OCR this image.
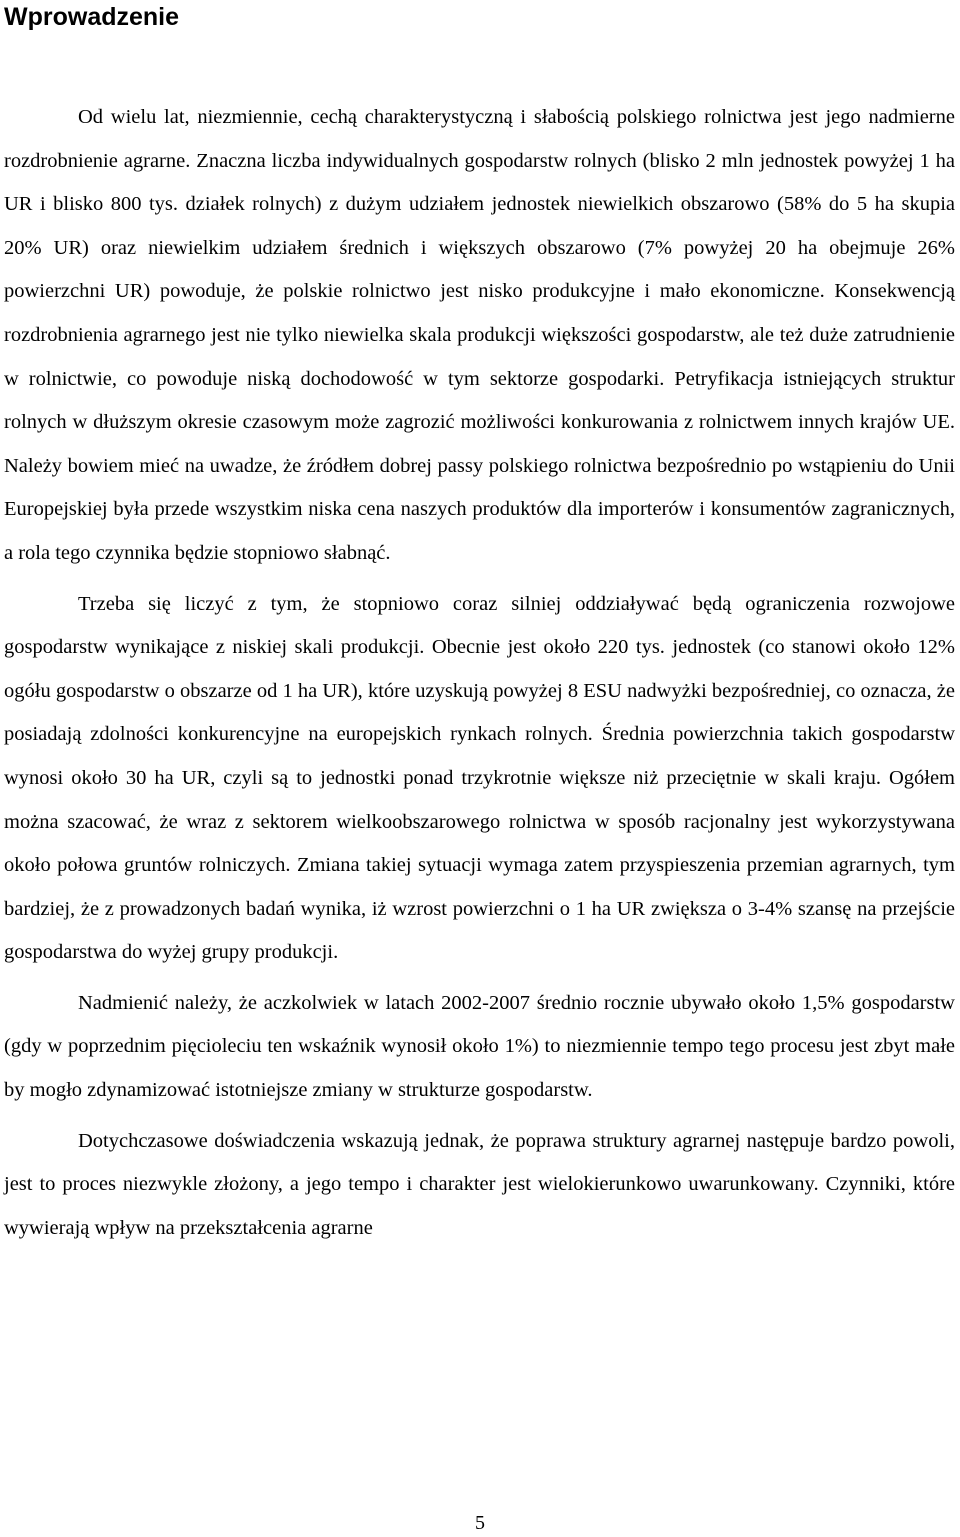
Wprowadzenie

Od wielu lat, niezmiennie, cechą charakterystyczną i słabością polskiego rolnictwa jest jego nadmierne rozdrobnienie agrarne. Znaczna liczba indywidualnych gospodarstw rolnych (blisko 2 mln jednostek powyżej 1 ha UR i blisko 800 tys. działek rolnych) z dużym udziałem jednostek niewielkich obszarowo (58% do 5 ha skupia 20% UR) oraz niewielkim udziałem średnich i większych obszarowo (7% powyżej 20 ha obejmuje 26% powierzchni UR) powoduje, że polskie rolnictwo jest nisko produkcyjne i mało ekonomiczne. Konsekwencją rozdrobnienia agrarnego jest nie tylko niewielka skala produkcji większości gospodarstw, ale też duże zatrudnienie w rolnictwie, co powoduje niską dochodowość w tym sektorze gospodarki. Petryfikacja istniejących struktur rolnych w dłuższym okresie czasowym może zagrozić możliwości konkurowania z rolnictwem innych krajów UE. Należy bowiem mieć na uwadze, że źródłem dobrej passy polskiego rolnictwa bezpośrednio po wstąpieniu do Unii Europejskiej była przede wszystkim niska cena naszych produktów dla importerów i konsumentów zagranicznych, a rola tego czynnika będzie stopniowo słabnąć.

Trzeba się liczyć z tym, że stopniowo coraz silniej oddziaływać będą ograniczenia rozwojowe gospodarstw wynikające z niskiej skali produkcji. Obecnie jest około 220 tys. jednostek (co stanowi około 12% ogółu gospodarstw o obszarze od 1 ha UR), które uzyskują powyżej 8 ESU nadwyżki bezpośredniej, co oznacza, że posiadają zdolności konkurencyjne na europejskich rynkach rolnych. Średnia powierzchnia takich gospodarstw wynosi około 30 ha UR, czyli są to jednostki ponad trzykrotnie większe niż przeciętnie w skali kraju. Ogółem można szacować, że wraz z sektorem wielkoobszarowego rolnictwa w sposób racjonalny jest wykorzystywana około połowa gruntów rolniczych. Zmiana takiej sytuacji wymaga zatem przyspieszenia przemian agrarnych, tym bardziej, że z prowadzonych badań wynika, iż wzrost powierzchni o 1 ha UR zwiększa o 3-4% szansę na przejście gospodarstwa do wyżej grupy produkcji.

Nadmienić należy, że aczkolwiek w latach 2002-2007 średnio rocznie ubywało około 1,5% gospodarstw (gdy w poprzednim pięcioleciu ten wskaźnik wynosił około 1%) to niezmiennie tempo tego procesu jest zbyt małe by mogło zdynamizować istotniejsze zmiany w strukturze gospodarstw.

Dotychczasowe doświadczenia wskazują jednak, że poprawa struktury agrarnej następuje bardzo powoli, jest to proces niezwykle złożony, a jego tempo i charakter jest wielokierunkowo uwarunkowany. Czynniki, które wywierają wpływ na przekształcenia agrarne

5
